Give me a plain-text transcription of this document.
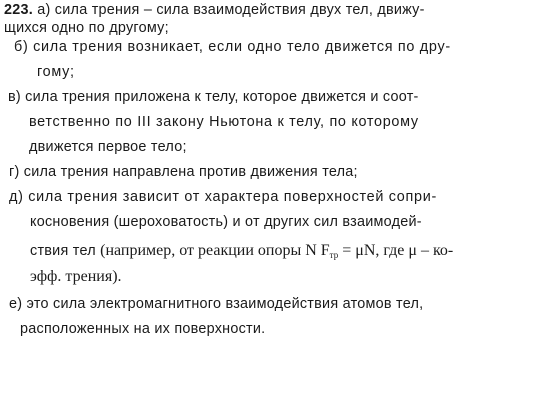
223. а) сила трения – сила взаимодействия двух тел, движу-
щихся одно по другому;
б) сила трения возникает, если одно тело движется по дру-
гому;
в) сила трения приложена к телу, которое движется и соот-
ветственно по III закону Ньютона к телу, по которому
движется первое тело;
г) сила трения направлена против движения тела;
д) сила трения зависит от характера поверхностей сопри-
косновения (шероховатость) и от других сил взаимодей-
ствия тел (например, от реакции опоры N $F_{тр} = \mu N$, где μ – ко-
эфф. трения).
е) это сила электромагнитного взаимодействия атомов тел,
расположенных на их поверхности.
